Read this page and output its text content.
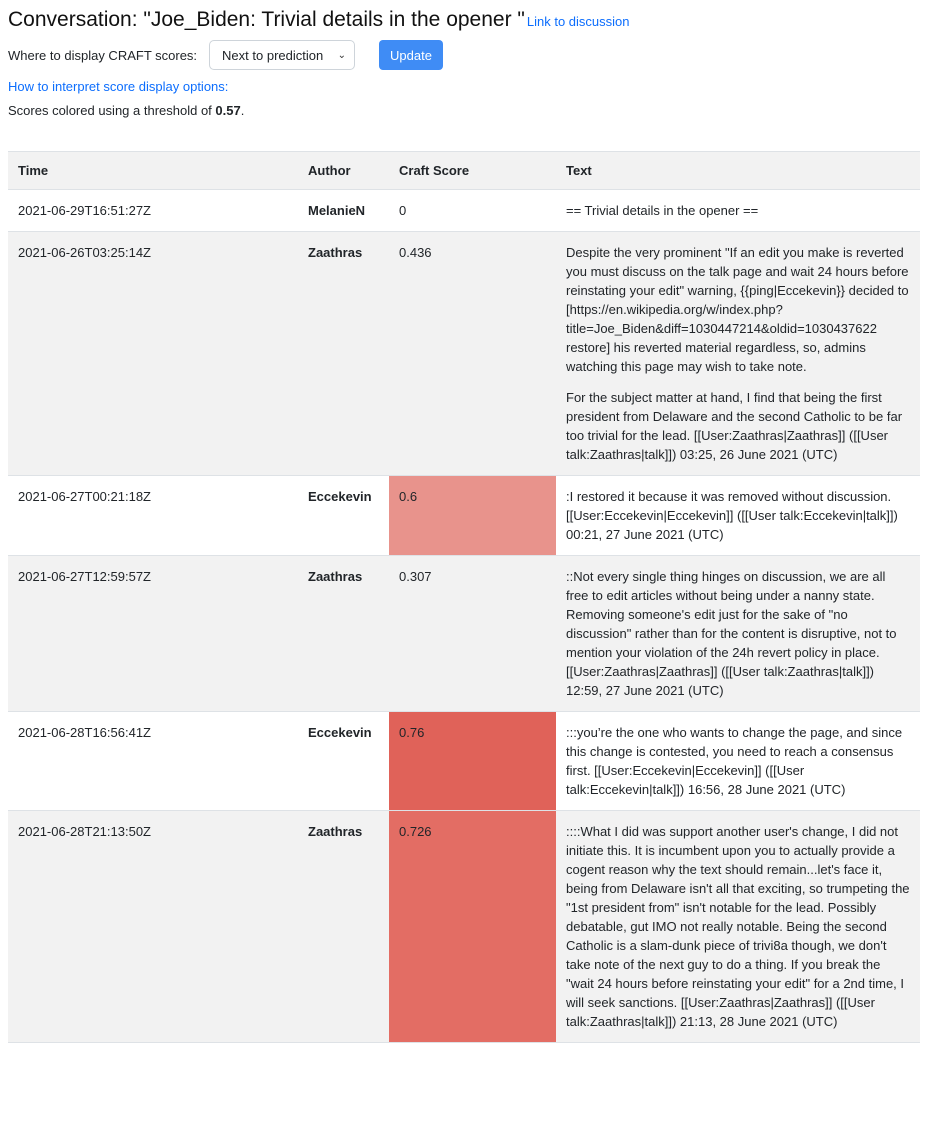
Conversation: "Joe_Biden: Trivial details in the opener " Link to discussion
Where to display CRAFT scores: Next to prediction ⌄	Update
How to interpret score display options:
Scores colored using a threshold of 0.57.
Time	Author	Craft Score	Text
2021-06-29T16:51:27Z	MelanieN	0	== Trivial details in the opener ==

2021-06-26T03:25:14Z	Zaathras	0.436	Despite the very prominent "If an edit you make is reverted you must discuss on the talk page and wait 24 hours before reinstating your edit" warning, {{ping|Eccekevin}} decided to [https://en.wikipedia.org/w/index.php?title=Joe_Biden&diff=1030447214&oldid=1030437622 restore] his reverted material regardless, so, admins watching this page may wish to take note.

For the subject matter at hand, I find that being the first president from Delaware and the second Catholic to be far too trivial for the lead. [[User:Zaathras|Zaathras]] ([[User talk:Zaathras|talk]]) 03:25, 26 June 2021 (UTC)

2021-06-27T00:21:18Z	Eccekevin	0.6	:I restored it because it was removed without discussion. [[User:Eccekevin|Eccekevin]] ([[User talk:Eccekevin|talk]]) 00:21, 27 June 2021 (UTC)

2021-06-27T12:59:57Z	Zaathras	0.307	::Not every single thing hinges on discussion, we are all free to edit articles without being under a nanny state. Removing someone's edit just for the sake of "no discussion" rather than for the content is disruptive, not to mention your violation of the 24h revert policy in place. [[User:Zaathras|Zaathras]] ([[User talk:Zaathras|talk]]) 12:59, 27 June 2021 (UTC)

2021-06-28T16:56:41Z	Eccekevin	0.76	:::you’re the one who wants to change the page, and since this change is contested, you need to reach a consensus first. [[User:Eccekevin|Eccekevin]] ([[User talk:Eccekevin|talk]]) 16:56, 28 June 2021 (UTC)

2021-06-28T21:13:50Z	Zaathras	0.726	::::What I did was support another user's change, I did not initiate this. It is incumbent upon you to actually provide a cogent reason why the text should remain...let's face it, being from Delaware isn't all that exciting, so trumpeting the "1st president from" isn't notable for the lead. Possibly debatable, gut IMO not really notable. Being the second Catholic is a slam-dunk piece of trivi8a though, we don't take note of the next guy to do a thing. If you break the "wait 24 hours before reinstating your edit" for a 2nd time, I will seek sanctions. [[User:Zaathras|Zaathras]] ([[User talk:Zaathras|talk]]) 21:13, 28 June 2021 (UTC)
